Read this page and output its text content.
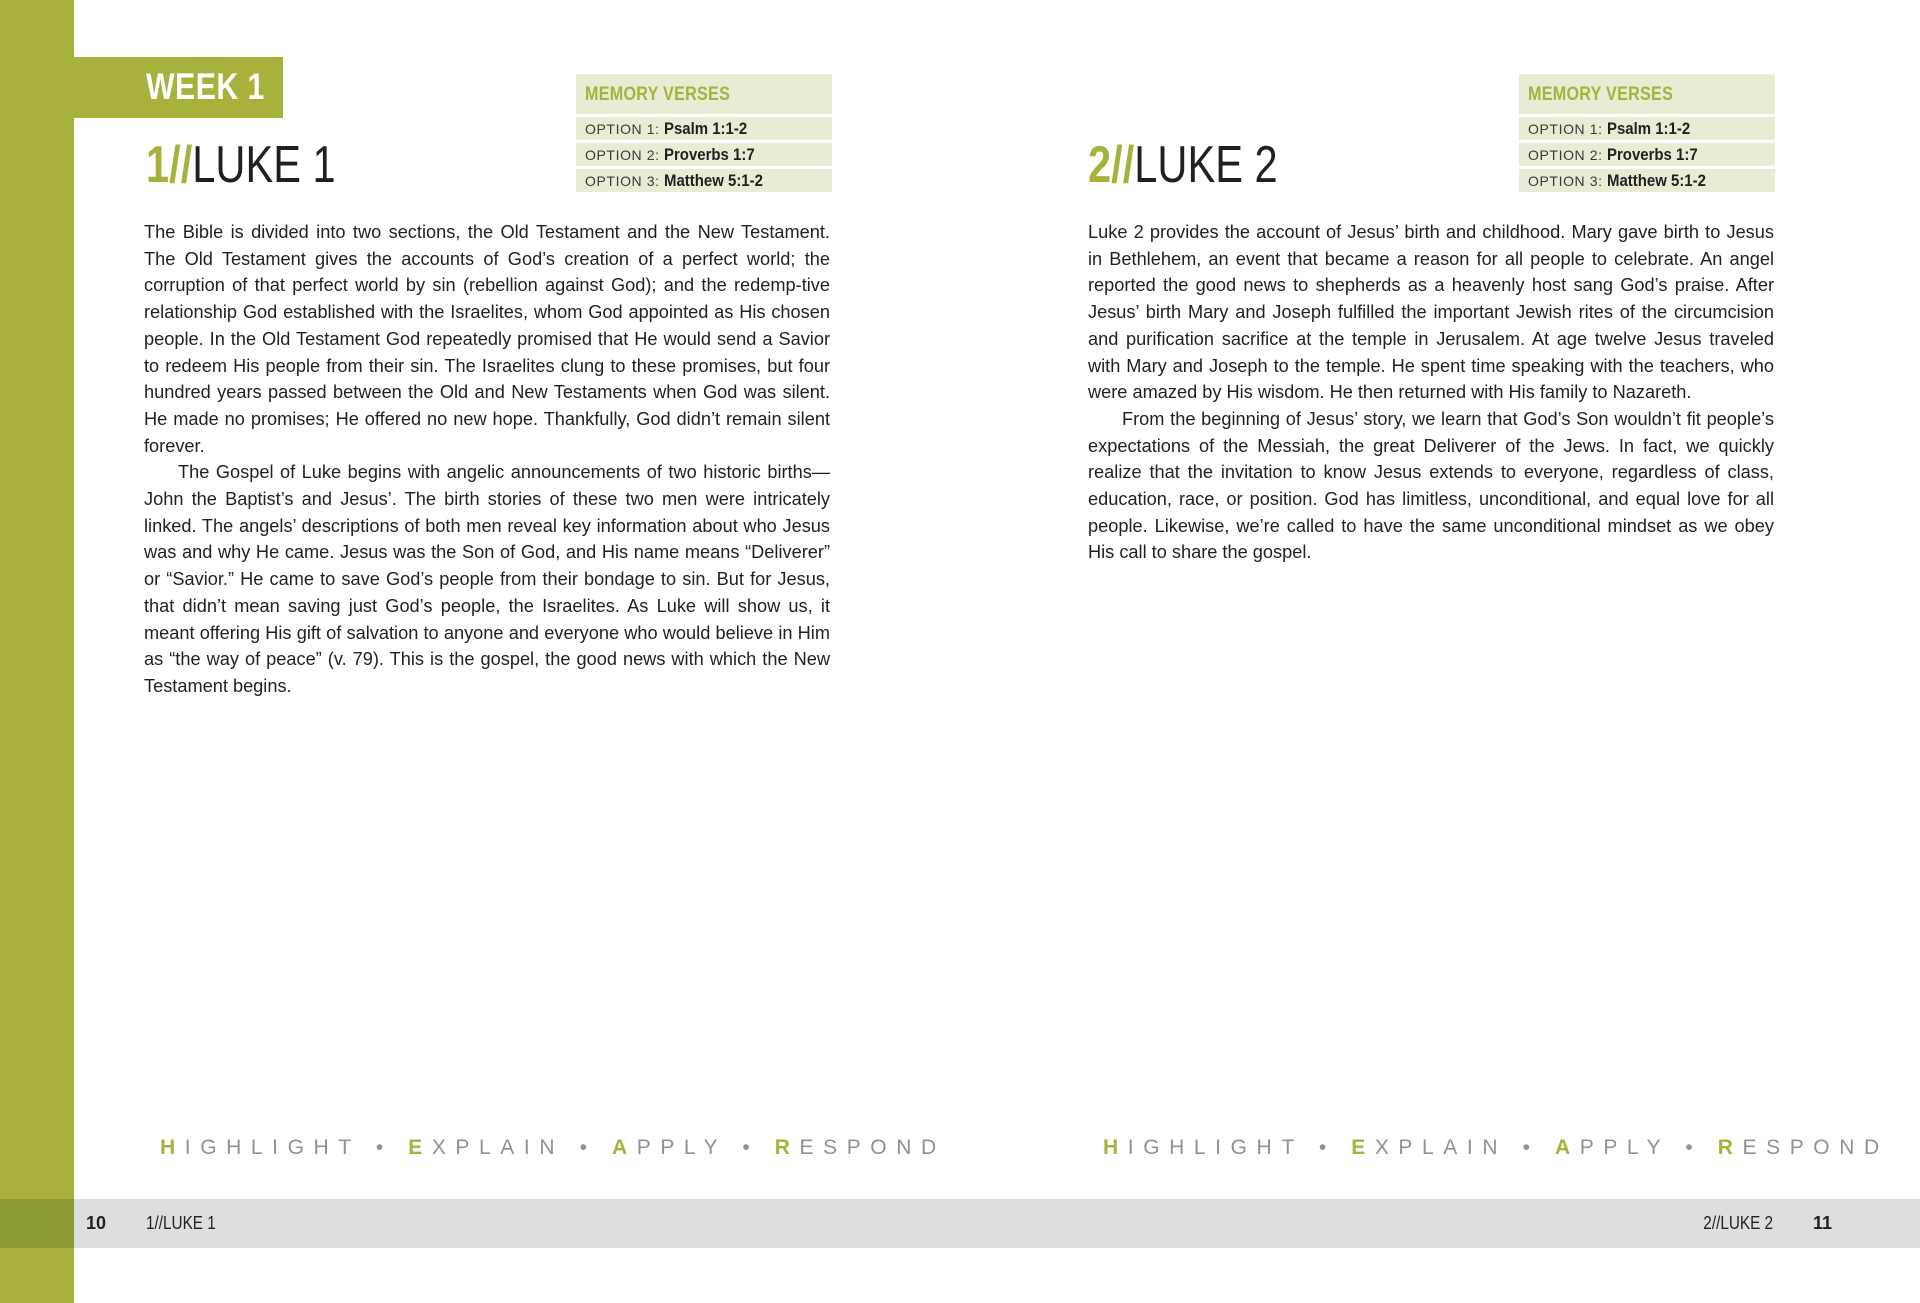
WEEK 1
1//LUKE 1
MEMORY VERSES
OPTION 1: Psalm 1:1-2
OPTION 2: Proverbs 1:7
OPTION 3: Matthew 5:1-2

The Bible is divided into two sections, the Old Testament and the New Testament. The Old Testament gives the accounts of God’s creation of a perfect world; the corruption of that perfect world by sin (rebellion against God); and the redemp-tive relationship God established with the Israelites, whom God appointed as His chosen people. In the Old Testament God repeatedly promised that He would send a Savior to redeem His people from their sin. The Israelites clung to these promises, but four hundred years passed between the Old and New Testaments when God was silent. He made no promises; He offered no new hope. Thankfully, God didn’t remain silent forever.

The Gospel of Luke begins with angelic announcements of two historic births—John the Baptist’s and Jesus’. The birth stories of these two men were intricately linked. The angels’ descriptions of both men reveal key information about who Jesus was and why He came. Jesus was the Son of God, and His name means “Deliverer” or “Savior.” He came to save God’s people from their bondage to sin. But for Jesus, that didn’t mean saving just God’s people, the Israelites. As Luke will show us, it meant offering His gift of salvation to anyone and everyone who would believe in Him as “the way of peace” (v. 79). This is the gospel, the good news with which the New Testament begins.

HIGHLIGHT • EXPLAIN • APPLY • RESPOND
2//LUKE 2
MEMORY VERSES
OPTION 1: Psalm 1:1-2
OPTION 2: Proverbs 1:7
OPTION 3: Matthew 5:1-2

Luke 2 provides the account of Jesus’ birth and childhood. Mary gave birth to Jesus in Bethlehem, an event that became a reason for all people to celebrate. An angel reported the good news to shepherds as a heavenly host sang God’s praise. After Jesus’ birth Mary and Joseph fulfilled the important Jewish rites of the circumcision and purification sacrifice at the temple in Jerusalem. At age twelve Jesus traveled with Mary and Joseph to the temple. He spent time speaking with the teachers, who were amazed by His wisdom. He then returned with His family to Nazareth.

From the beginning of Jesus’ story, we learn that God’s Son wouldn’t fit people’s expectations of the Messiah, the great Deliverer of the Jews. In fact, we quickly realize that the invitation to know Jesus extends to everyone, regardless of class, education, race, or position. God has limitless, unconditional, and equal love for all people. Likewise, we’re called to have the same unconditional mindset as we obey His call to share the gospel.

HIGHLIGHT • EXPLAIN • APPLY • RESPOND
10 1//LUKE 1	2//LUKE 2 11
